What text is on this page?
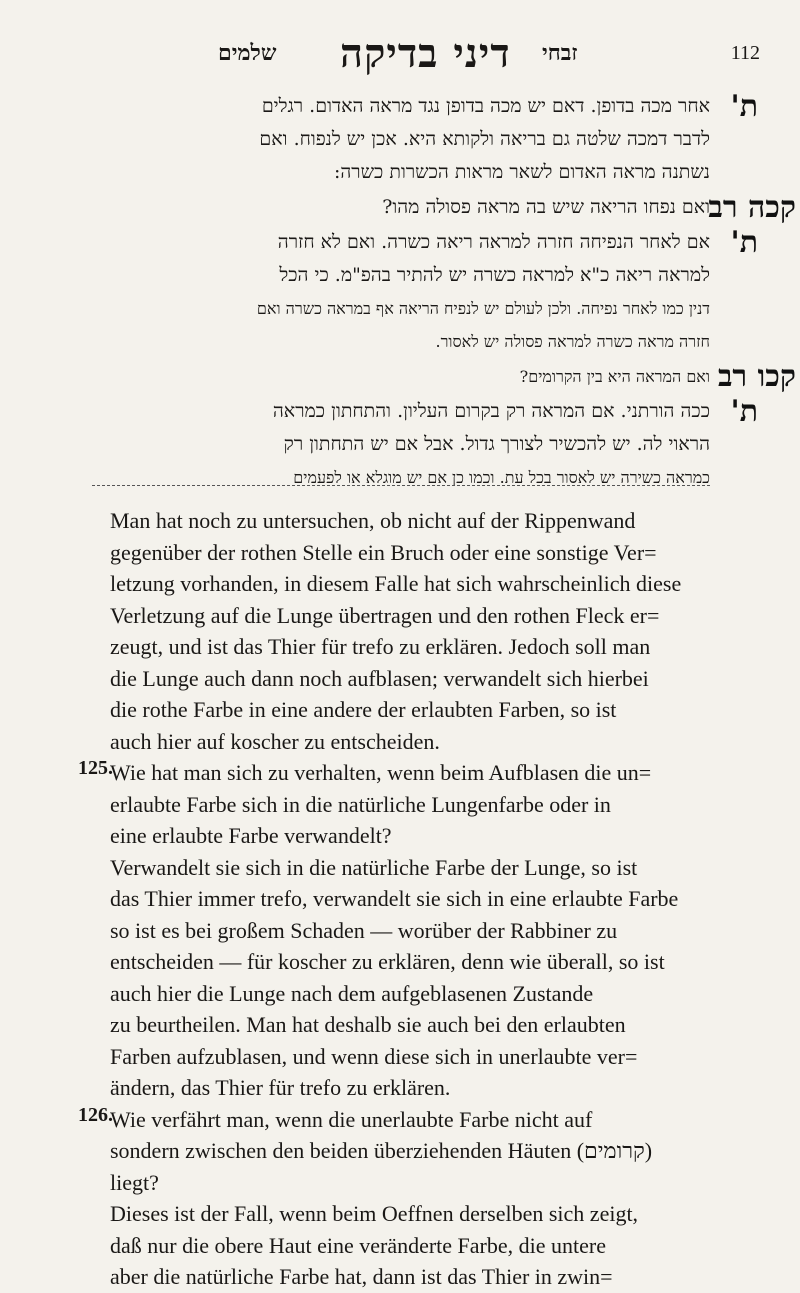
שלמים דיני בדיקה זבחי	112
ת'
אחר מכה בדופן. דאם יש מכה בדופן נגד מראה האדום. רגלים
לדבר דמכה שלטה גם בריאה ולקותא היא. אכן יש לנפוח. ואם
נשתנה מראה האדום לשאר מראות הכשרות כשרה:
קכה רב
ואם נפחו הריאה שיש בה מראה פסולה מהו?
ת'
אם לאחר הנפיחה חזרה למראה ריאה כשרה. ואם לא חזרה
למראה ריאה כ"א למראה כשרה יש להתיר בהפ"מ. כי הכל
דנין כמו לאחר נפיחה. ולכן לעולם יש לנפיח הריאה אף במראה כשרה ואם
חזרה מראה כשרה למראה פסולה יש לאסור.
קכו רב
ואם המראה היא בין הקרומים?
ת'
ככה הורתני. אם המראה רק בקרום העליון. והתחתון כמראה
הראוי לה. יש להכשיר לצורך גדול. אבל אם יש התחתון רק
כמראה כשירה יש לאסור בכל עת. וכמו כן אם יש מוגלא או לפעמים
Man hat noch zu untersuchen, ob nicht auf der Rippenwand
gegenüber der rothen Stelle ein Bruch oder eine sonstige Ver=
letzung vorhanden, in diesem Falle hat sich wahrscheinlich diese
Verletzung auf die Lunge übertragen und den rothen Fleck er=
zeugt, und ist das Thier für trefo zu erklären. Jedoch soll man
die Lunge auch dann noch aufblasen; verwandelt sich hierbei
die rothe Farbe in eine andere der erlaubten Farben, so ist
auch hier auf koscher zu entscheiden.
125.
Wie hat man sich zu verhalten, wenn beim Aufblasen die un=
erlaubte Farbe sich in die natürliche Lungenfarbe oder in
eine erlaubte Farbe verwandelt?
Verwandelt sie sich in die natürliche Farbe der Lunge, so ist
das Thier immer trefo, verwandelt sie sich in eine erlaubte Farbe
so ist es bei großem Schaden — worüber der Rabbiner zu
entscheiden — für koscher zu erklären, denn wie überall, so ist
auch hier die Lunge nach dem aufgeblasenen Zustande
zu beurtheilen. Man hat deshalb sie auch bei den erlaubten
Farben aufzublasen, und wenn diese sich in unerlaubte ver=
ändern, das Thier für trefo zu erklären.
126.
Wie verfährt man, wenn die unerlaubte Farbe nicht auf
sondern zwischen den beiden überziehenden Häuten (קרומים)
liegt?
Dieses ist der Fall, wenn beim Oeffnen derselben sich zeigt,
daß nur die obere Haut eine veränderte Farbe, die untere
aber die natürliche Farbe hat, dann ist das Thier in zwin=
